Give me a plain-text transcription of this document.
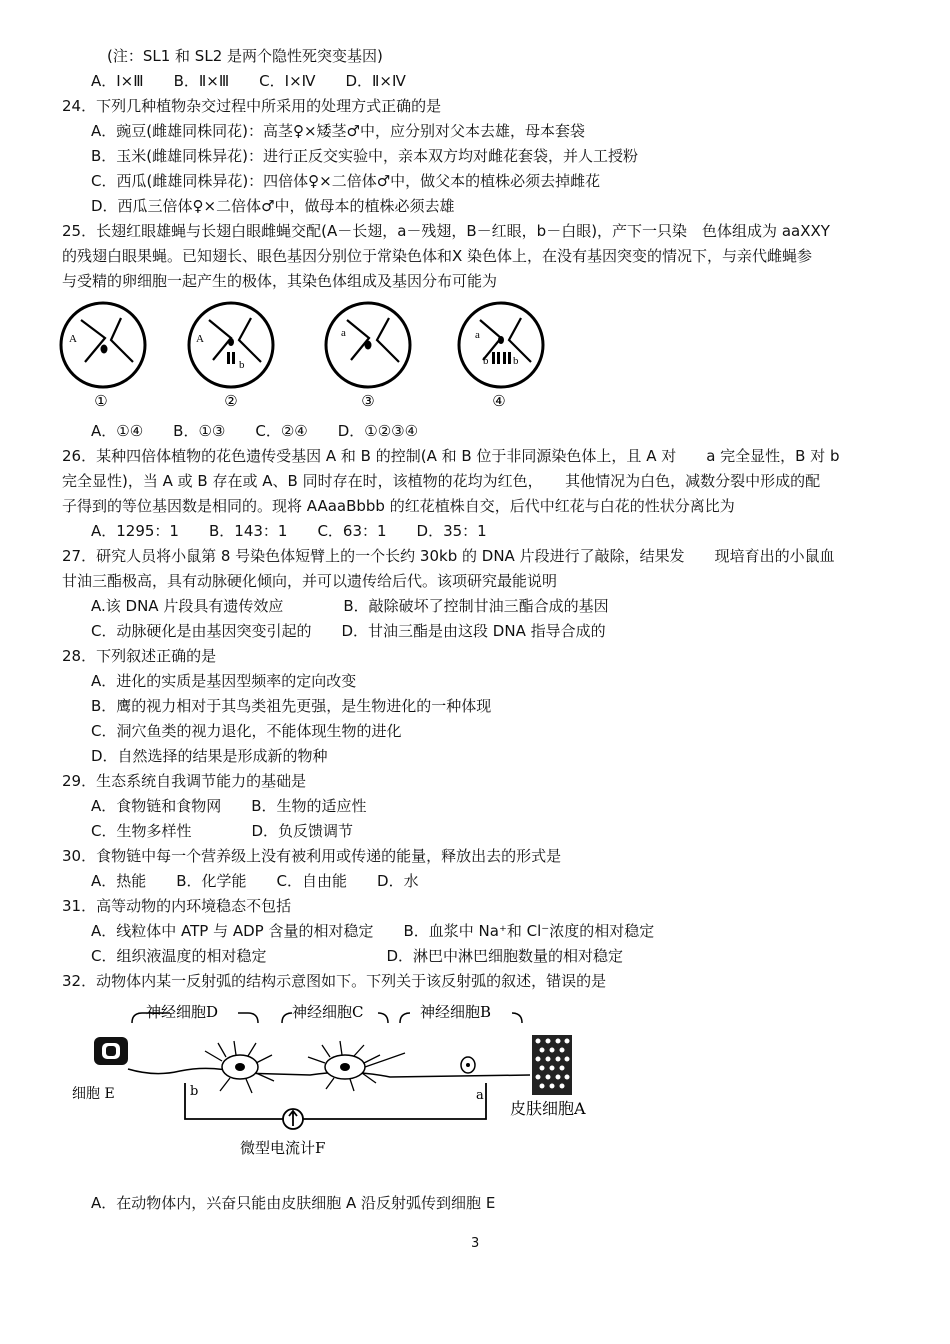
(注：SL1 和 SL2 是两个隐性死突变基因)
A．Ⅰ×Ⅲ　　B．Ⅱ×Ⅲ　　C．Ⅰ×Ⅳ　　D．Ⅱ×Ⅳ
24．下列几种植物杂交过程中所采用的处理方式正确的是
A．豌豆(雌雄同株同花)：高茎♀×矮茎♂中，应分别对父本去雄，母本套袋
B．玉米(雌雄同株异花)：进行正反交实验中，亲本双方均对雌花套袋，并人工授粉
C．西瓜(雌雄同株异花)：四倍体♀×二倍体♂中，做父本的植株必须去掉雌花
D．西瓜三倍体♀×二倍体♂中，做母本的植株必须去雄
25．长翅红眼雄蝇与长翅白眼雌蝇交配(A－长翅，a－残翅，B－红眼，b－白眼)，产下一只染　色体组成为 aaXXY
的残翅白眼果蝇。已知翅长、眼色基因分别位于常染色体和X 染色体上，在没有基因突变的情况下，与亲代雌蝇参
与受精的卵细胞一起产生的极体，其染色体组成及基因分布可能为
A
①
A
b
②
a
③
a
b b
④
A．①④　　B．①③　　C．②④　　D．①②③④
26．某种四倍体植物的花色遗传受基因 A 和 B 的控制(A 和 B 位于非同源染色体上，且 A 对　　a 完全显性，B 对 b
完全显性)，当 A 或 B 存在或 A、B 同时存在时，该植物的花均为红色，　　其他情况为白色，减数分裂中形成的配
子得到的等位基因数是相同的。现将 AAaaBbbb 的红花植株自交，后代中红花与白花的性状分离比为
A．1295：1　　B．143：1　　C．63：1　　D．35：1
27．研究人员将小鼠第 8 号染色体短臂上的一个长约 30kb 的 DNA 片段进行了敲除，结果发　　现培育出的小鼠血
甘油三酯极高，具有动脉硬化倾向，并可以遗传给后代。该项研究最能说明
A.该 DNA 片段具有遗传效应　　　　B．敲除破坏了控制甘油三酯合成的基因
C．动脉硬化是由基因突变引起的　　D．甘油三酯是由这段 DNA 指导合成的
28．下列叙述正确的是
A．进化的实质是基因型频率的定向改变
B．鹰的视力相对于其鸟类祖先更强，是生物进化的一种体现
C．洞穴鱼类的视力退化，不能体现生物的进化
D．自然选择的结果是形成新的物种
29．生态系统自我调节能力的基础是
A．食物链和食物网　　B．生物的适应性
C．生物多样性　　　　D．负反馈调节
30．食物链中每一个营养级上没有被利用或传递的能量，释放出去的形式是
A．热能　　B．化学能　　C．自由能　　D．水
31．高等动物的内环境稳态不包括
A．线粒体中 ATP 与 ADP 含量的相对稳定　　B．血浆中 Na⁺和 Cl⁻浓度的相对稳定
C．组织液温度的相对稳定　　　　　　　　D．淋巴中淋巴细胞数量的相对稳定
32．动物体内某一反射弧的结构示意图如下。下列关于该反射弧的叙述，错误的是
神经细胞D	神经细胞C	神经细胞B
细胞 E
皮肤细胞A
b	a
微型电流计F
A．在动物体内，兴奋只能由皮肤细胞 A 沿反射弧传到细胞 E
3
